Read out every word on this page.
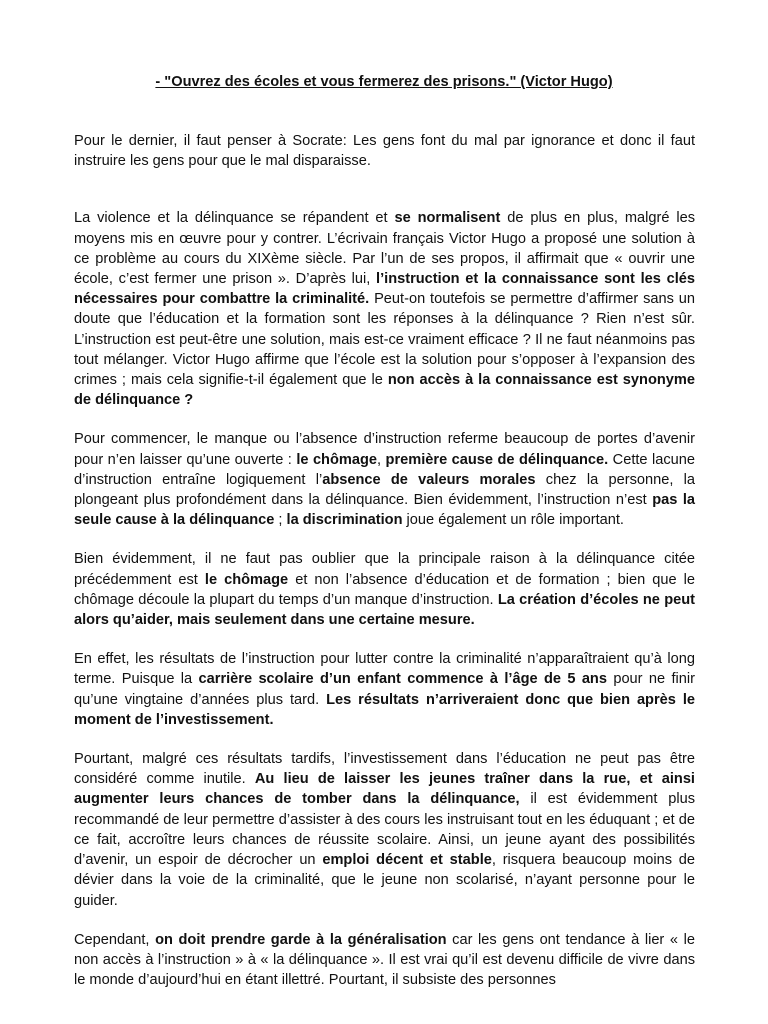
- "Ouvrez des écoles et vous fermerez des prisons." (Victor Hugo)

Pour le dernier, il faut penser à Socrate: Les gens font du mal par ignorance et donc il faut instruire les gens pour que le mal disparaisse.

La violence et la délinquance se répandent et se normalisent de plus en plus, malgré les moyens mis en œuvre pour y contrer. L’écrivain français Victor Hugo a proposé une solution à ce problème au cours du XIXème siècle. Par l’un de ses propos, il affirmait que « ouvrir une école, c’est fermer une prison ». D’après lui, l’instruction et la connaissance sont les clés nécessaires pour combattre la criminalité. Peut-on toutefois se permettre d’affirmer sans un doute que l’éducation et la formation sont les réponses à la délinquance ? Rien n’est sûr. L’instruction est peut-être une solution, mais est-ce vraiment efficace ? Il ne faut néanmoins pas tout mélanger. Victor Hugo affirme que l’école est la solution pour s’opposer à l’expansion des crimes ; mais cela signifie-t-il également que le non accès à la connaissance est synonyme de délinquance ?

Pour commencer, le manque ou l’absence d’instruction referme beaucoup de portes d’avenir pour n’en laisser qu’une ouverte : le chômage, première cause de délinquance. Cette lacune d’instruction entraîne logiquement l’absence de valeurs morales chez la personne, la plongeant plus profondément dans la délinquance. Bien évidemment, l’instruction n’est pas la seule cause à la délinquance ; la discrimination joue également un rôle important.

Bien évidemment, il ne faut pas oublier que la principale raison à la délinquance citée précédemment est le chômage et non l’absence d’éducation et de formation ; bien que le chômage découle la plupart du temps d’un manque d’instruction. La création d’écoles ne peut alors qu’aider, mais seulement dans une certaine mesure.

En effet, les résultats de l’instruction pour lutter contre la criminalité n’apparaîtraient qu’à long terme. Puisque la carrière scolaire d’un enfant commence à l’âge de 5 ans pour ne finir qu’une vingtaine d’années plus tard. Les résultats n’arriveraient donc que bien après le moment de l’investissement.

Pourtant, malgré ces résultats tardifs, l’investissement dans l’éducation ne peut pas être considéré comme inutile. Au lieu de laisser les jeunes traîner dans la rue, et ainsi augmenter leurs chances de tomber dans la délinquance, il est évidemment plus recommandé de leur permettre d’assister à des cours les instruisant tout en les éduquant ; et de ce fait, accroître leurs chances de réussite scolaire. Ainsi, un jeune ayant des possibilités d’avenir, un espoir de décrocher un emploi décent et stable, risquera beaucoup moins de dévier dans la voie de la criminalité, que le jeune non scolarisé, n’ayant personne pour le guider.

Cependant, on doit prendre garde à la généralisation car les gens ont tendance à lier « le non accès à l’instruction » à « la délinquance ». Il est vrai qu’il est devenu difficile de vivre dans le monde d’aujourd’hui en étant illettré. Pourtant, il subsiste des personnes
